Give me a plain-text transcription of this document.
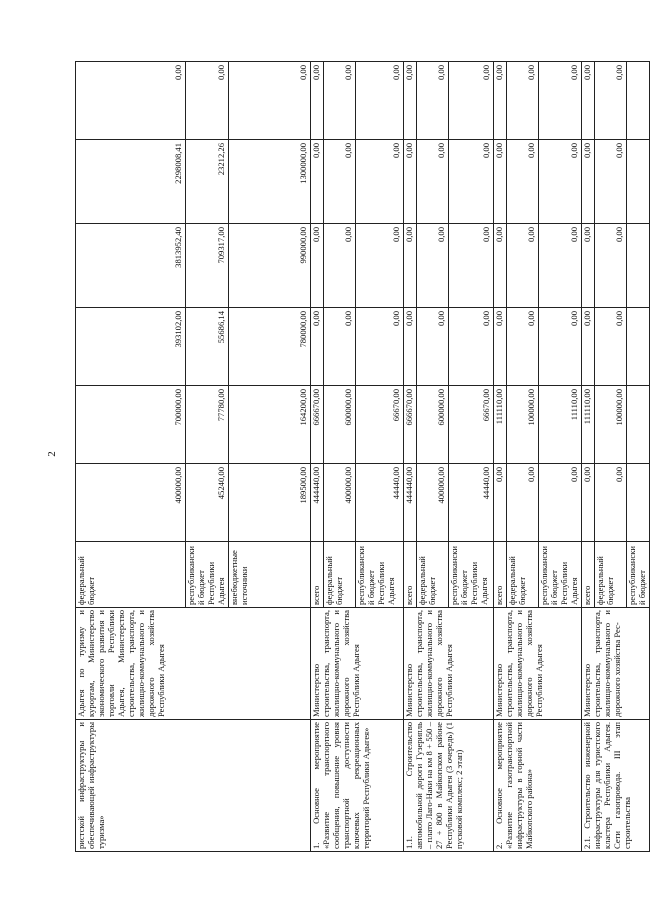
2
ристской инфраструктуры и обеспечивающей инфраструктуры туризма»	Адыгея по туризму и курортам, Министерство экономического развития и торговли Республики Адыгея, Министерство строительства, транспорта, жилищно-коммунального и дорожного хозяйства Республики Адыгея	федеральный бюджет	400000,00	700000,00	393102,00	3813952,40	2298008,41	0,00
		республиканский бюджет Республики Адыгея	45240,00	77780,00	55686,14	709317,00	23212,26	0,00
		внебюджетные источники	189500,00	164200,00	780000,00	990000,00	1300000,00	0,00
1. Основное мероприятие «Развитие транспортного сообщения, повышение уровня транспортной доступности ключевых рекреационных территорий Республики Адыгея»	Министерство строительства, транспорта, жилищно-коммунального и дорожного хозяйства Республики Адыгея	всего	444440,00	666670,00	0,00	0,00	0,00	0,00
		федеральный бюджет	400000,00	600000,00	0,00	0,00	0,00	0,00
		республиканский бюджет Республики Адыгея	44440,00	66670,00	0,00	0,00	0,00	0,00
1.1. Строительство автомобильной дороги Гузерипль – плато Лаго-Наки на км 8 + 550 – 27 + 800 в Майкопском районе Республики Адыгея (3 очередь) (1 пусковой комплекс; 2 этап)	Министерство строительства, транспорта, жилищно-коммунального и дорожного хозяйства Республики Адыгея	всего	444440,00	666670,00	0,00	0,00	0,00	0,00
		федеральный бюджет	400000,00	600000,00	0,00	0,00	0,00	0,00
		республиканский бюджет Республики Адыгея	44440,00	66670,00	0,00	0,00	0,00	0,00
2. Основное мероприятие «Развитие газотранспортной инфраструктуры в горной части Майкопского района»	Министерство строительства, транспорта, жилищно-коммунального и дорожного хозяйства Республики Адыгея	всего	0,00	111110,00	0,00	0,00	0,00	0,00
		федеральный бюджет	0,00	100000,00	0,00	0,00	0,00	0,00
		республиканский бюджет Республики Адыгея	0,00	11110,00	0,00	0,00	0,00	0,00
2.1. Строительство инженерной инфраструктуры для туристского кластера Республики Адыгея. Сети газопровода. III этап строительства	Министерство строительства, транспорта, жилищно-коммунального и дорожного хозяйства Рес-	всего	0,00	111110,00	0,00	0,00	0,00	0,00
		федеральный бюджет	0,00	100000,00	0,00	0,00	0,00	0,00
		республиканский бюджет						
